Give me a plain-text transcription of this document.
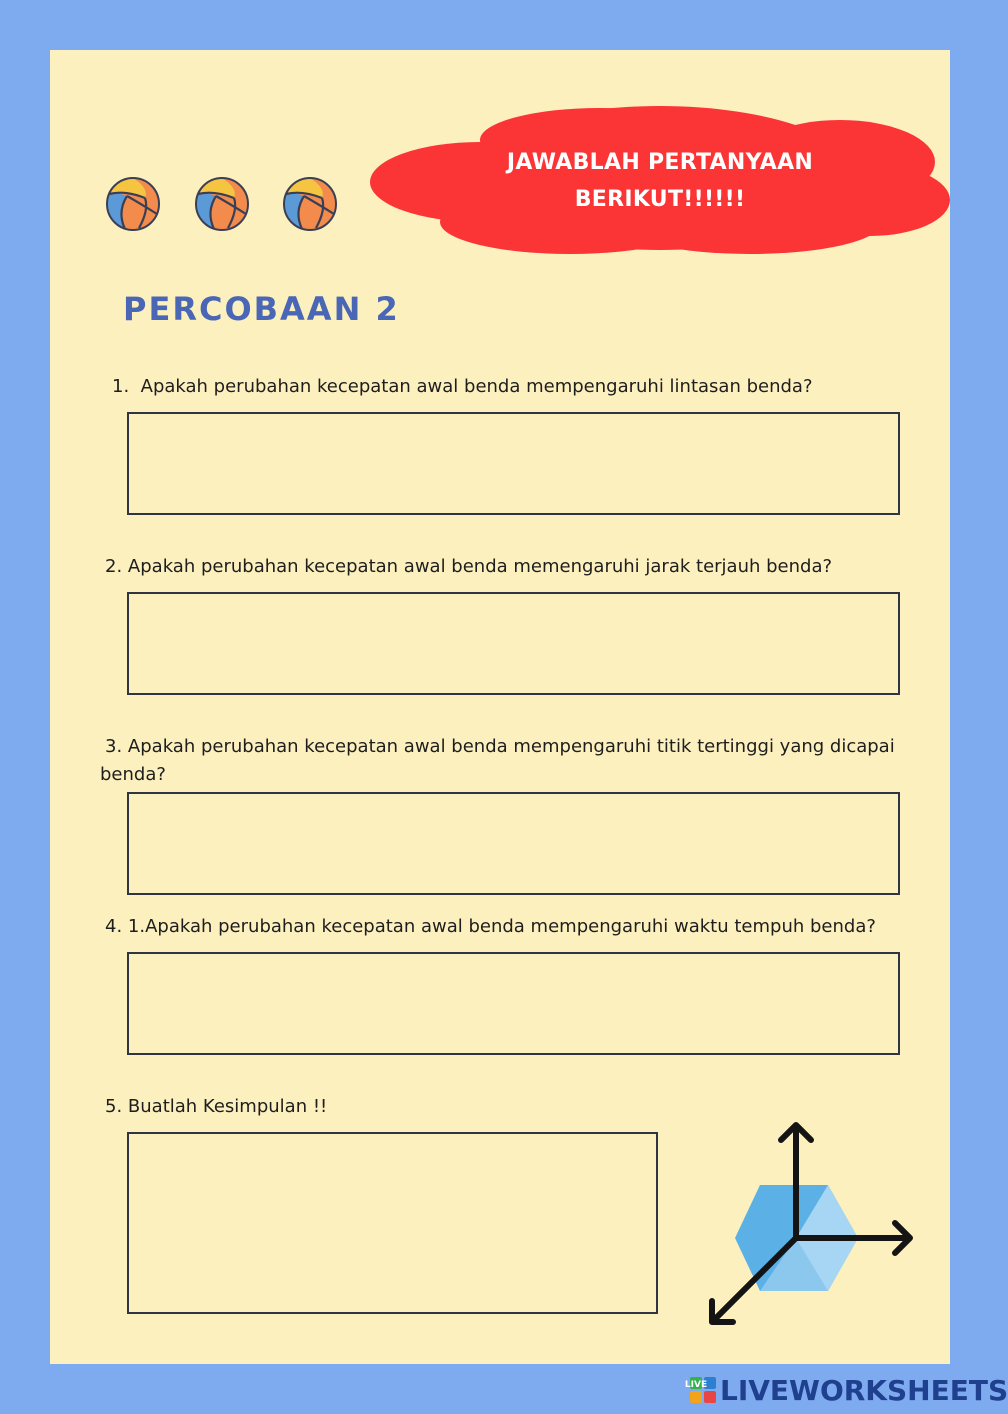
JAWABLAH PERTANYAAN
BERIKUT!!!!!!
PERCOBAAN 2
1. Apakah perubahan kecepatan awal benda mempengaruhi lintasan benda?
2. Apakah perubahan kecepatan awal benda memengaruhi jarak terjauh benda?
3. Apakah perubahan kecepatan awal benda mempengaruhi titik tertinggi yang dicapai
benda?
4. 1.Apakah perubahan kecepatan awal benda mempengaruhi waktu tempuh benda?
5. Buatlah Kesimpulan !!
LIVE LIVEWORKSHEETS
